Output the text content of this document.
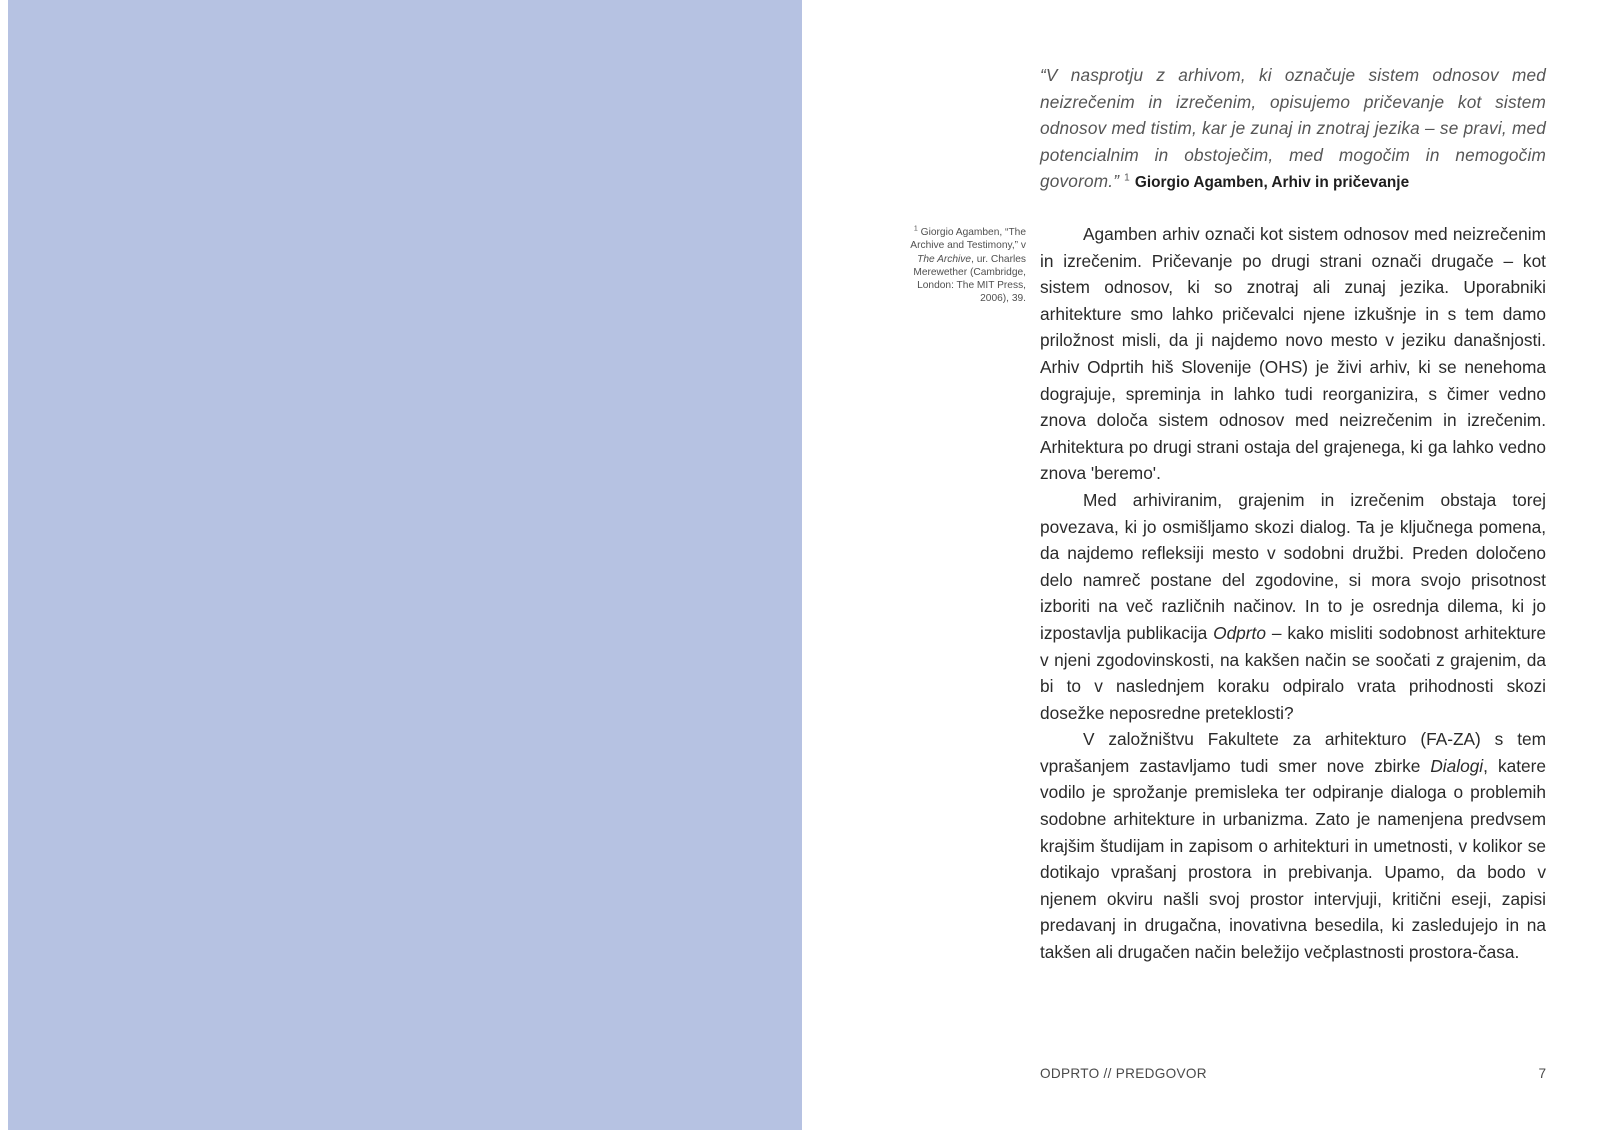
“V nasprotju z arhivom, ki označuje sistem odnosov med neizrečenim in izrečenim, opisujemo pričevanje kot sistem odnosov med tistim, kar je zunaj in znotraj jezika – se pravi, med potencialnim in obstoječim, med mogočim in nemogočim govorom.” $^1$ Giorgio Agamben, Arhiv in pričevanje
$^1$ Giorgio Agamben, “The Archive and Testimony,” v The Archive, ur. Charles Merewether (Cambridge, London: The MIT Press, 2006), 39.

Agamben arhiv označi kot sistem odnosov med neizrečenim in izrečenim. Pričevanje po drugi strani označi drugače – kot sistem odnosov, ki so znotraj ali zunaj jezika. Uporabniki arhitekture smo lahko pričevalci njene izkušnje in s tem damo priložnost misli, da ji najdemo novo mesto v jeziku današnjosti. Arhiv Odprtih hiš Slovenije (OHS) je živi arhiv, ki se nenehoma dograjuje, spreminja in lahko tudi reorganizira, s čimer vedno znova določa sistem odnosov med neizrečenim in izrečenim. Arhitektura po drugi strani ostaja del grajenega, ki ga lahko vedno znova 'beremo'.

Med arhiviranim, grajenim in izrečenim obstaja torej povezava, ki jo osmišljamo skozi dialog. Ta je ključnega pomena, da najdemo refleksiji mesto v sodobni družbi. Preden določeno delo namreč postane del zgodovine, si mora svojo prisotnost izboriti na več različnih načinov. In to je osrednja dilema, ki jo izpostavlja publikacija Odprto – kako misliti sodobnost arhitekture v njeni zgodovinskosti, na kakšen način se soočati z grajenim, da bi to v naslednjem koraku odpiralo vrata prihodnosti skozi dosežke neposredne preteklosti?

V založništvu Fakultete za arhitekturo (FA-ZA) s tem vprašanjem zastavljamo tudi smer nove zbirke Dialogi, katere vodilo je sprožanje premisleka ter odpiranje dialoga o problemih sodobne arhitekture in urbanizma. Zato je namenjena predvsem krajšim študijam in zapisom o arhitekturi in umetnosti, v kolikor se dotikajo vprašanj prostora in prebivanja. Upamo, da bodo v njenem okviru našli svoj prostor intervjuji, kritični eseji, zapisi predavanj in drugačna, inovativna besedila, ki zasledujejo in na takšen ali drugačen način beležijo večplastnosti prostora-časa.

ODPRTO // PREDGOVOR	7
